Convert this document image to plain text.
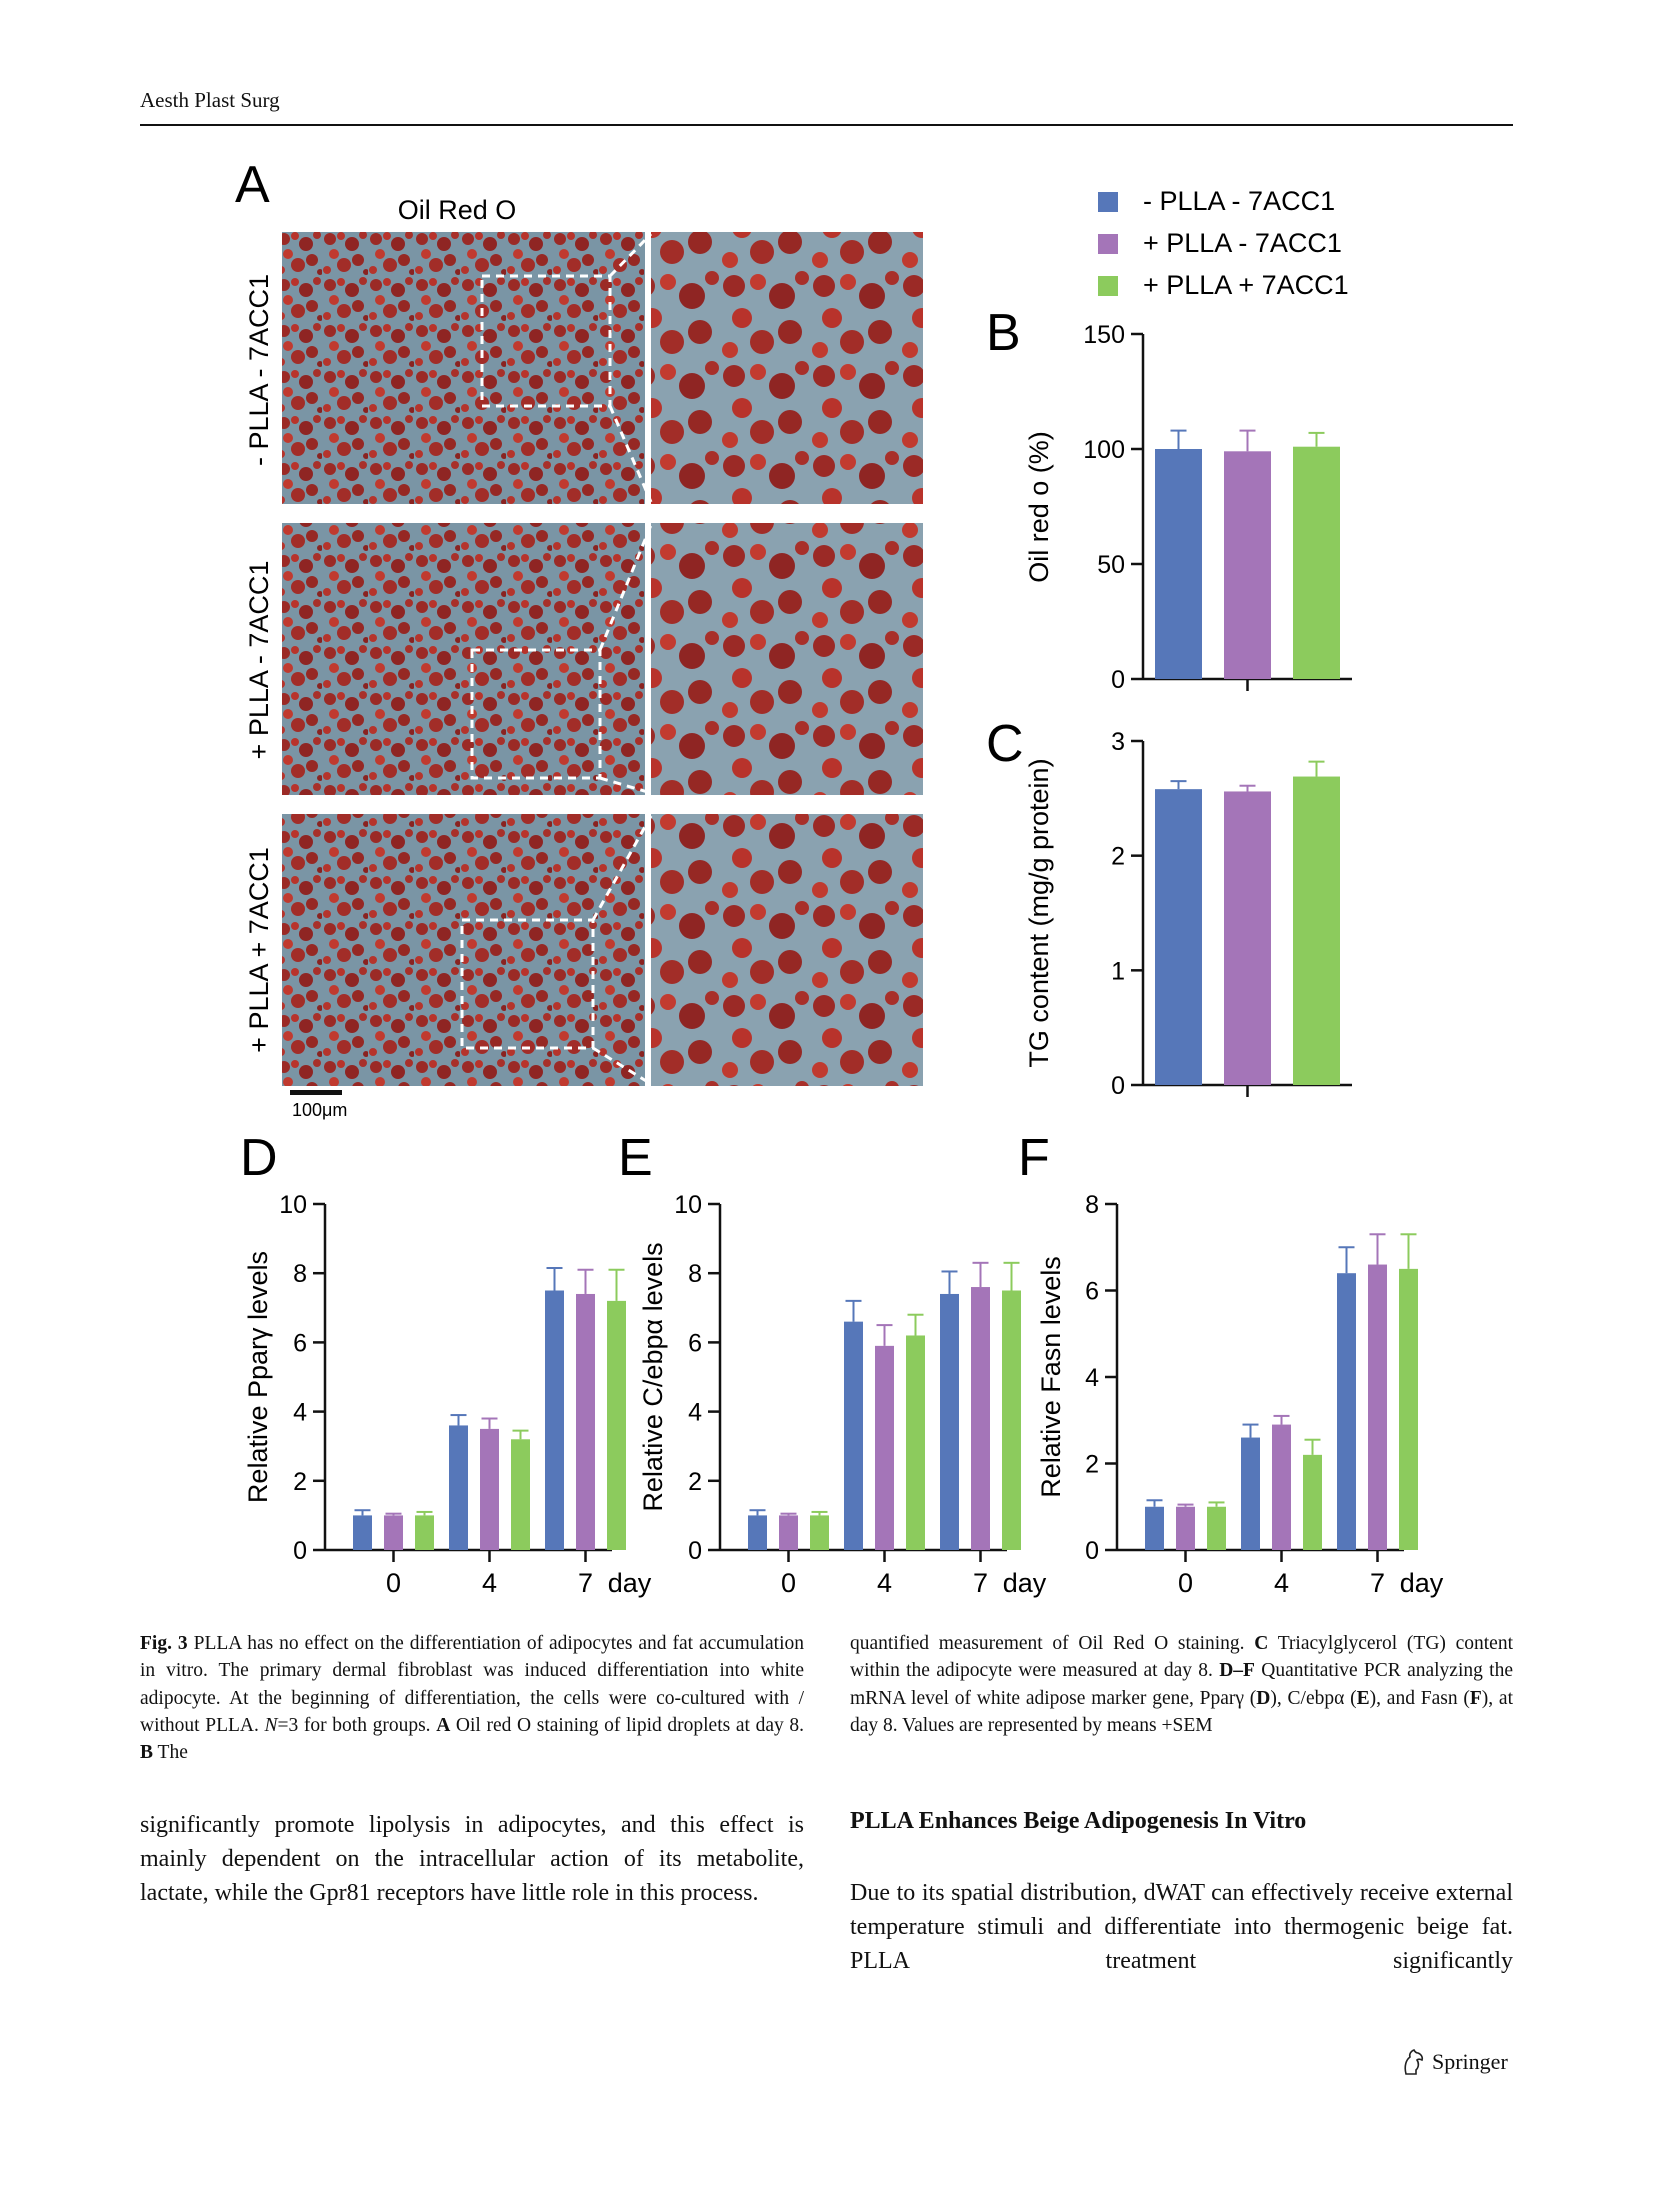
Aesth Plast Surg
A	Oil Red O
- PLLA - 7ACC1
+ PLLA - 7ACC1
+ PLLA + 7ACC1
100μm
- PLLA - 7ACC1
+ PLLA - 7ACC1
+ PLLA + 7ACC1
B
C
D	E	F
0
50
100
150
Oil red o (%)
0
1
2
3
TG content (mg/g protein)
0
2
4
6
8
10
Relative Pparγ levels
0	4	7 day
0
2
4
6
8
10
Relative C/ebpα levels
0	4	7 day
0
2
4
6
8
Relative Fasn levels
0	4	7 day
Fig. 3 PLLA has no effect on the differentiation of adipocytes and fat accumulation in vitro. The primary dermal fibroblast was induced differentiation into white adipocyte. At the beginning of differentiation, the cells were co-cultured with / without PLLA. N=3 for both groups. A Oil red O staining of lipid droplets at day 8. B The
quantified measurement of Oil Red O staining. C Triacylglycerol (TG) content within the adipocyte were measured at day 8. D–F Quantitative PCR analyzing the mRNA level of white adipose marker gene, Pparγ (D), C/ebpα (E), and Fasn (F), at day 8. Values are represented by means +SEM
significantly promote lipolysis in adipocytes, and this effect is mainly dependent on the intracellular action of its metabolite, lactate, while the Gpr81 receptors have little role in this process.
PLLA Enhances Beige Adipogenesis In Vitro
Due to its spatial distribution, dWAT can effectively receive external temperature stimuli and differentiate into thermogenic beige fat. PLLA treatment significantly
Springer
